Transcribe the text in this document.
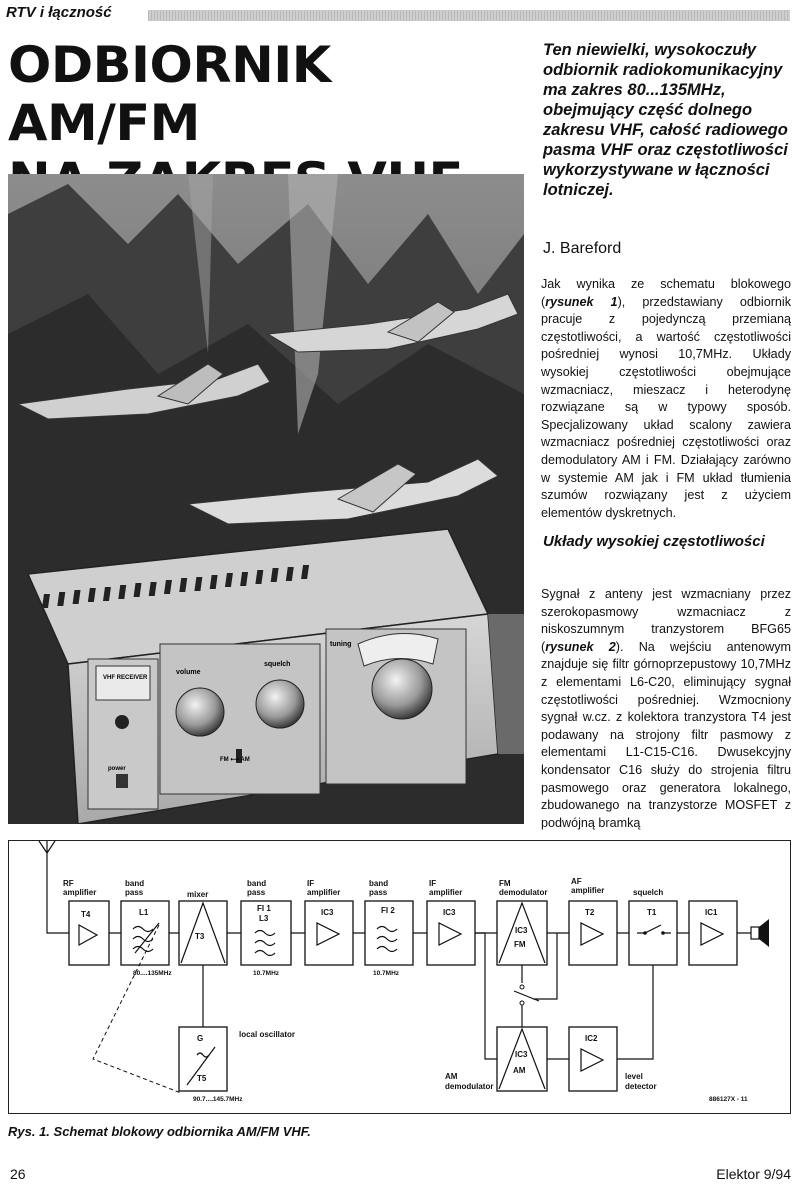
RTV i łączność
ODBIORNIK AM/FM
Ten niewielki, wysokoczuły odbiornik radiokomunikacyjny ma zakres 80...135MHz, obejmujący część dolnego zakresu VHF, całość radiowego pasma VHF oraz częstotliwości wykorzystywane w łączności lotniczej.
J. Bareford
VHF RECEIVER
volume
squelch
tuning
FM ⟷ AM
power
Jak wynika ze schematu blokowego (rysunek 1), przedstawiany odbiornik pracuje z pojedynczą przemianą częstotliwości, a wartość częstotliwości pośredniej wynosi 10,7MHz. Układy wysokiej częstotliwości obejmujące wzmacniacz, mieszacz i heterodynę rozwiązane są w typowy sposób. Specjalizowany układ scalony zawiera wzmacniacz pośredniej częstotliwości oraz demodulatory AM i FM. Działający zarówno w systemie AM jak i FM układ tłumienia szumów rozwiązany jest z użyciem elementów dyskretnych.
Układy wysokiej częstotliwości
Sygnał z anteny jest wzmacniany przez szerokopasmowy wzmacniacz z niskoszumnym tranzystorem BFG65 (rysunek 2). Na wejściu antenowym znajduje się filtr górnoprzepustowy 10,7MHz z elementami L6-C20, eliminujący sygnał częstotliwości pośredniej. Wzmocniony sygnał w.cz. z kolektora tranzystora T4 jest podawany na strojony filtr pasmowy z elementami L1-C15-C16. Dwusekcyjny kondensator C16 służy do strojenia filtru pasmowego oraz generatora lokalnego, zbudowanego na tranzystorze MOSFET z podwójną bramką
RF
amplifier
band
pass	mixer
band
pass
IF
amplifier
band
pass
IF
amplifier
FM
demodulator
AF
amplifier	squelch
T4	L1
80....135MHz
T3
FI 1
L3
10.7MHz
IC3	FI 2
10.7MHz
IC3
IC3
FM
T2	T1	IC1
IC3
AM
AM
demodulator
IC2
level
detector
G
T5
local oscillator
90.7....145.7MHz	886127X - 11
Rys. 1. Schemat blokowy odbiornika AM/FM VHF.
26	Elektor 9/94
